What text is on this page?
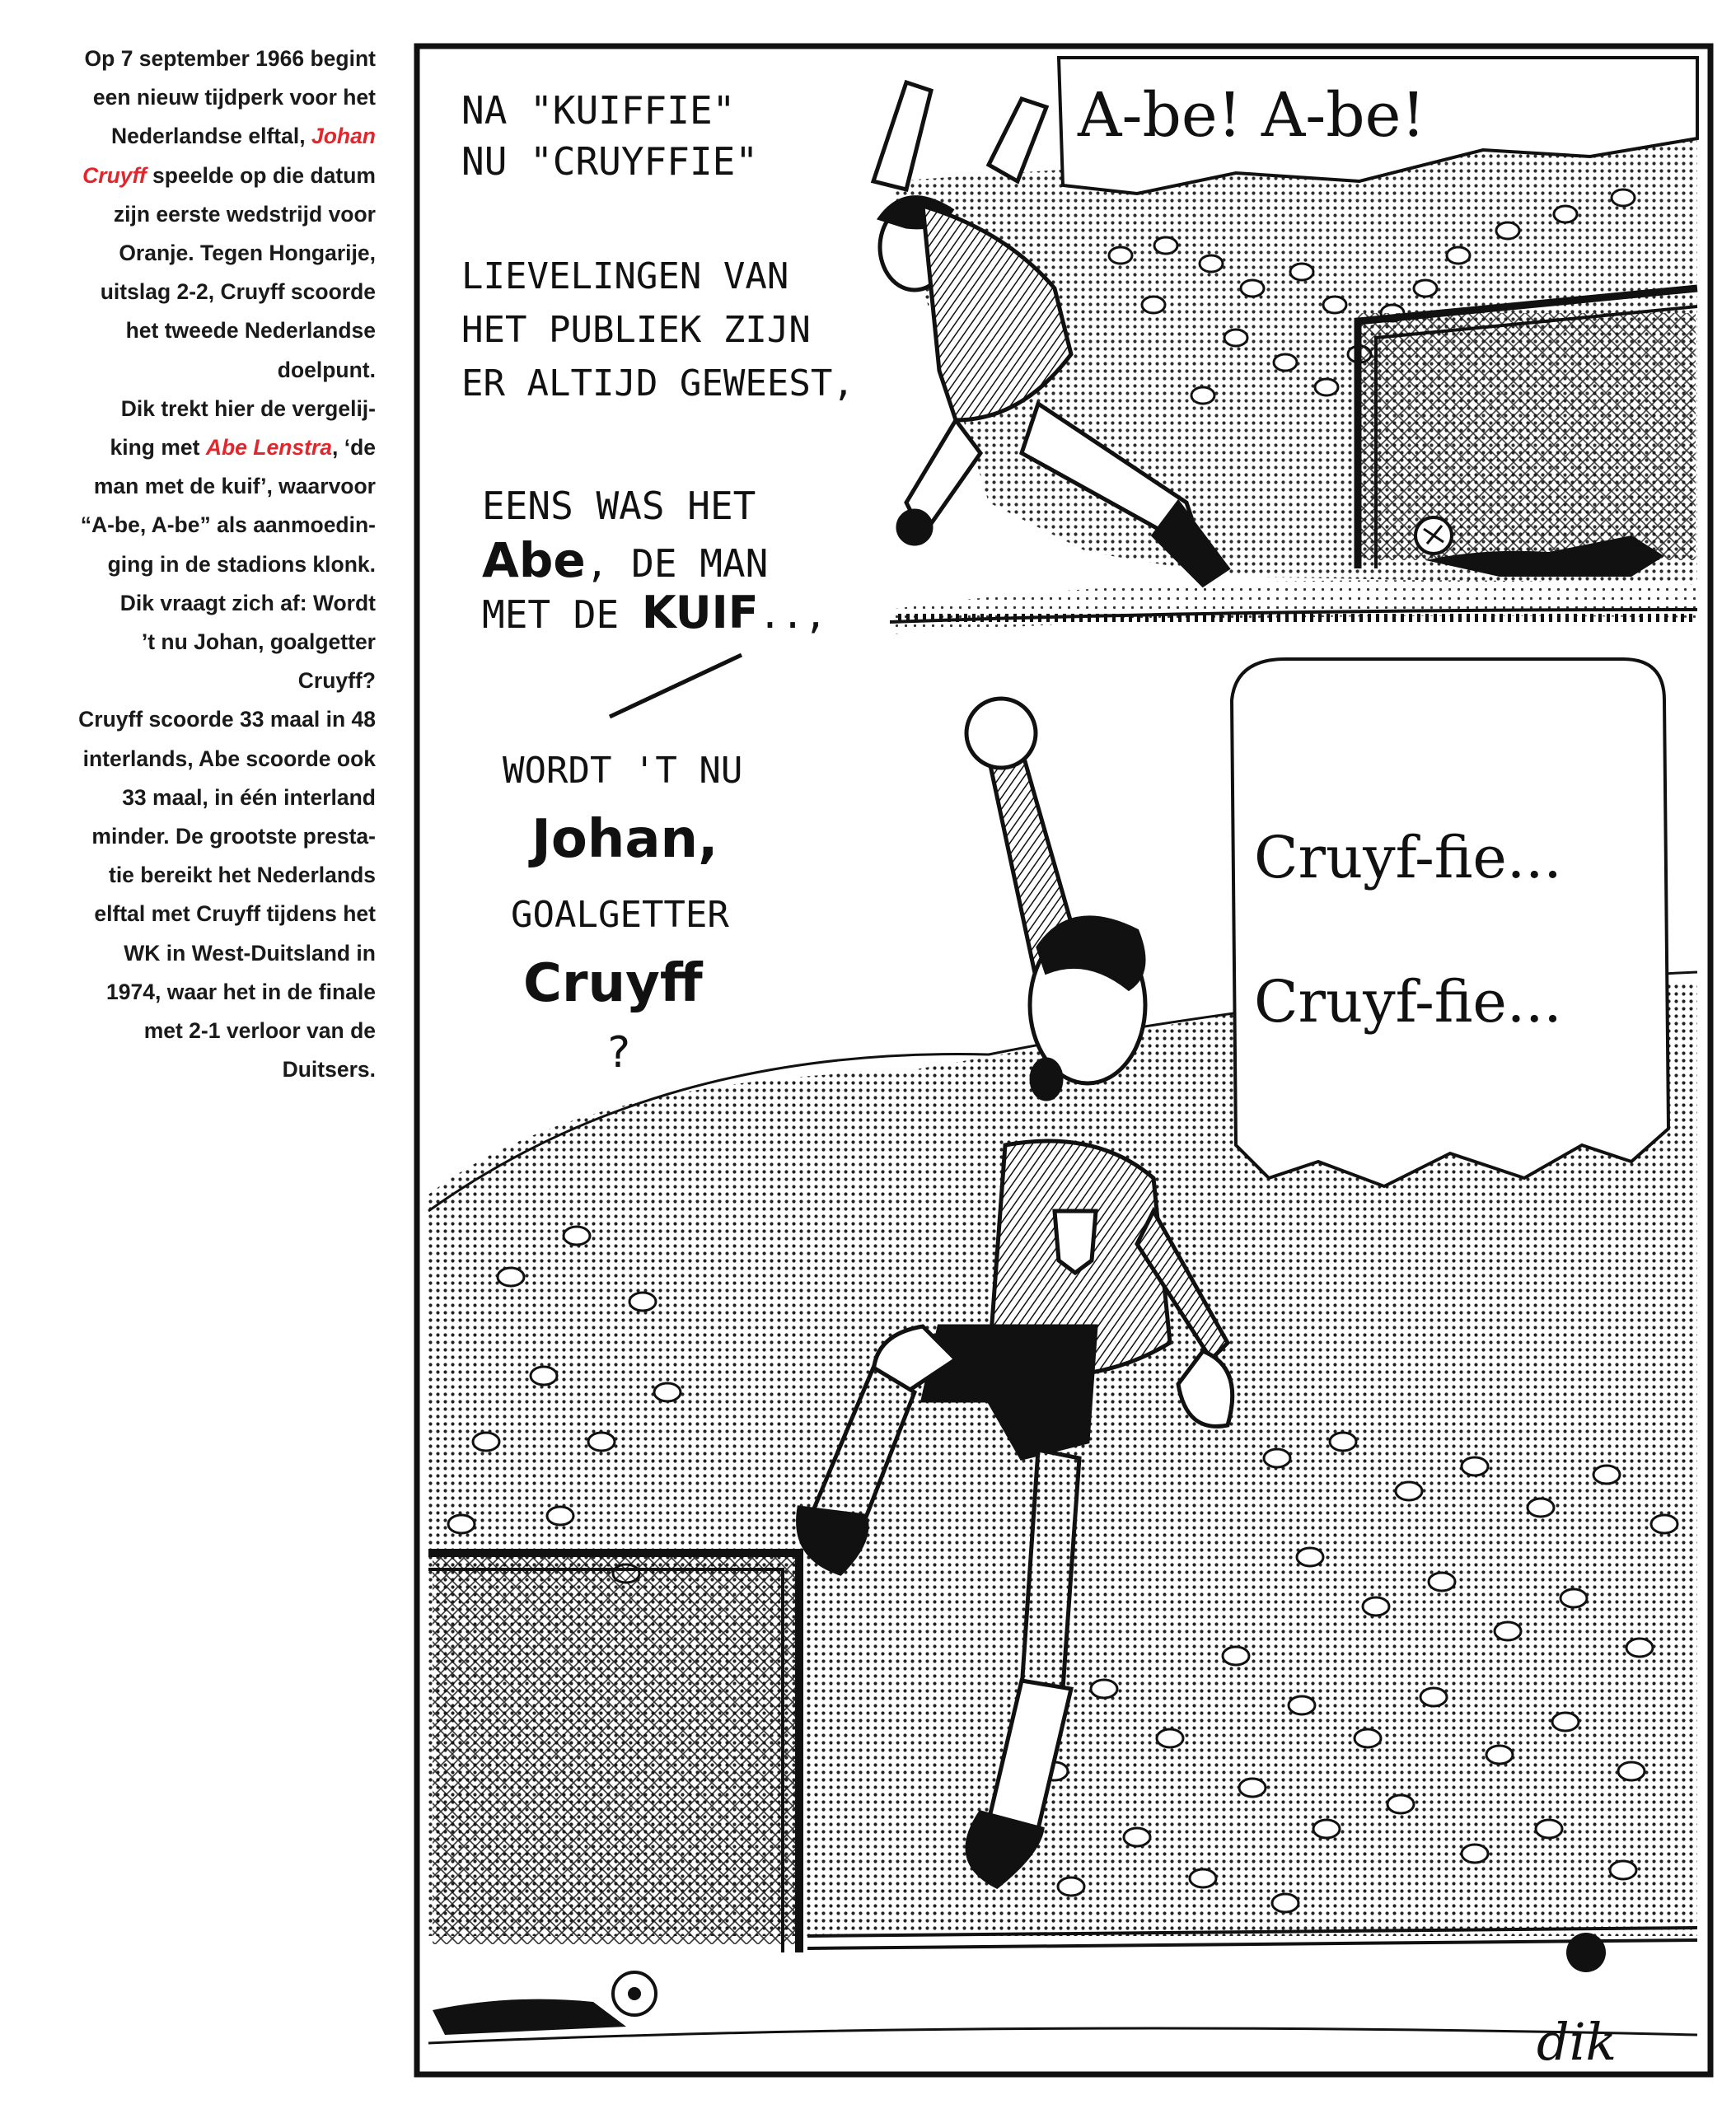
Op 7 september 1966 begint
een nieuw tijdperk voor het
Nederlandse elftal, Johan
Cruyff speelde op die datum
zijn eerste wedstrijd voor
Oranje. Tegen Hongarije,
uitslag 2-2, Cruyff scoorde
het tweede Nederlandse
doelpunt.
Dik trekt hier de vergelij-
king met Abe Lenstra, ‘de
man met de kuif’, waarvoor
“A-be, A-be” als aanmoedin-
ging in de stadions klonk.
Dik vraagt zich af: Wordt
’t nu Johan, goalgetter
Cruyff?
Cruyff scoorde 33 maal in 48
interlands, Abe scoorde ook
33 maal, in één interland
minder. De grootste presta-
tie bereikt het Nederlands
elftal met Cruyff tijdens het
WK in West-Duitsland in
1974, waar het in de finale
met 2-1 verloor van de
Duitsers.
A-be! A-be!
NA "KUIFFIE"
NU "CRUYFFIE"
LIEVELINGEN VAN
HET PUBLIEK ZIJN
ER ALTIJD GEWEEST,
EENS WAS HET
Abe, DE MAN
MET DE KUIF..,
Cruyf-fie...
Cruyf-fie...
WORDT 'T NU
Johan,
GOALGETTER
Cruyff
?
dik
